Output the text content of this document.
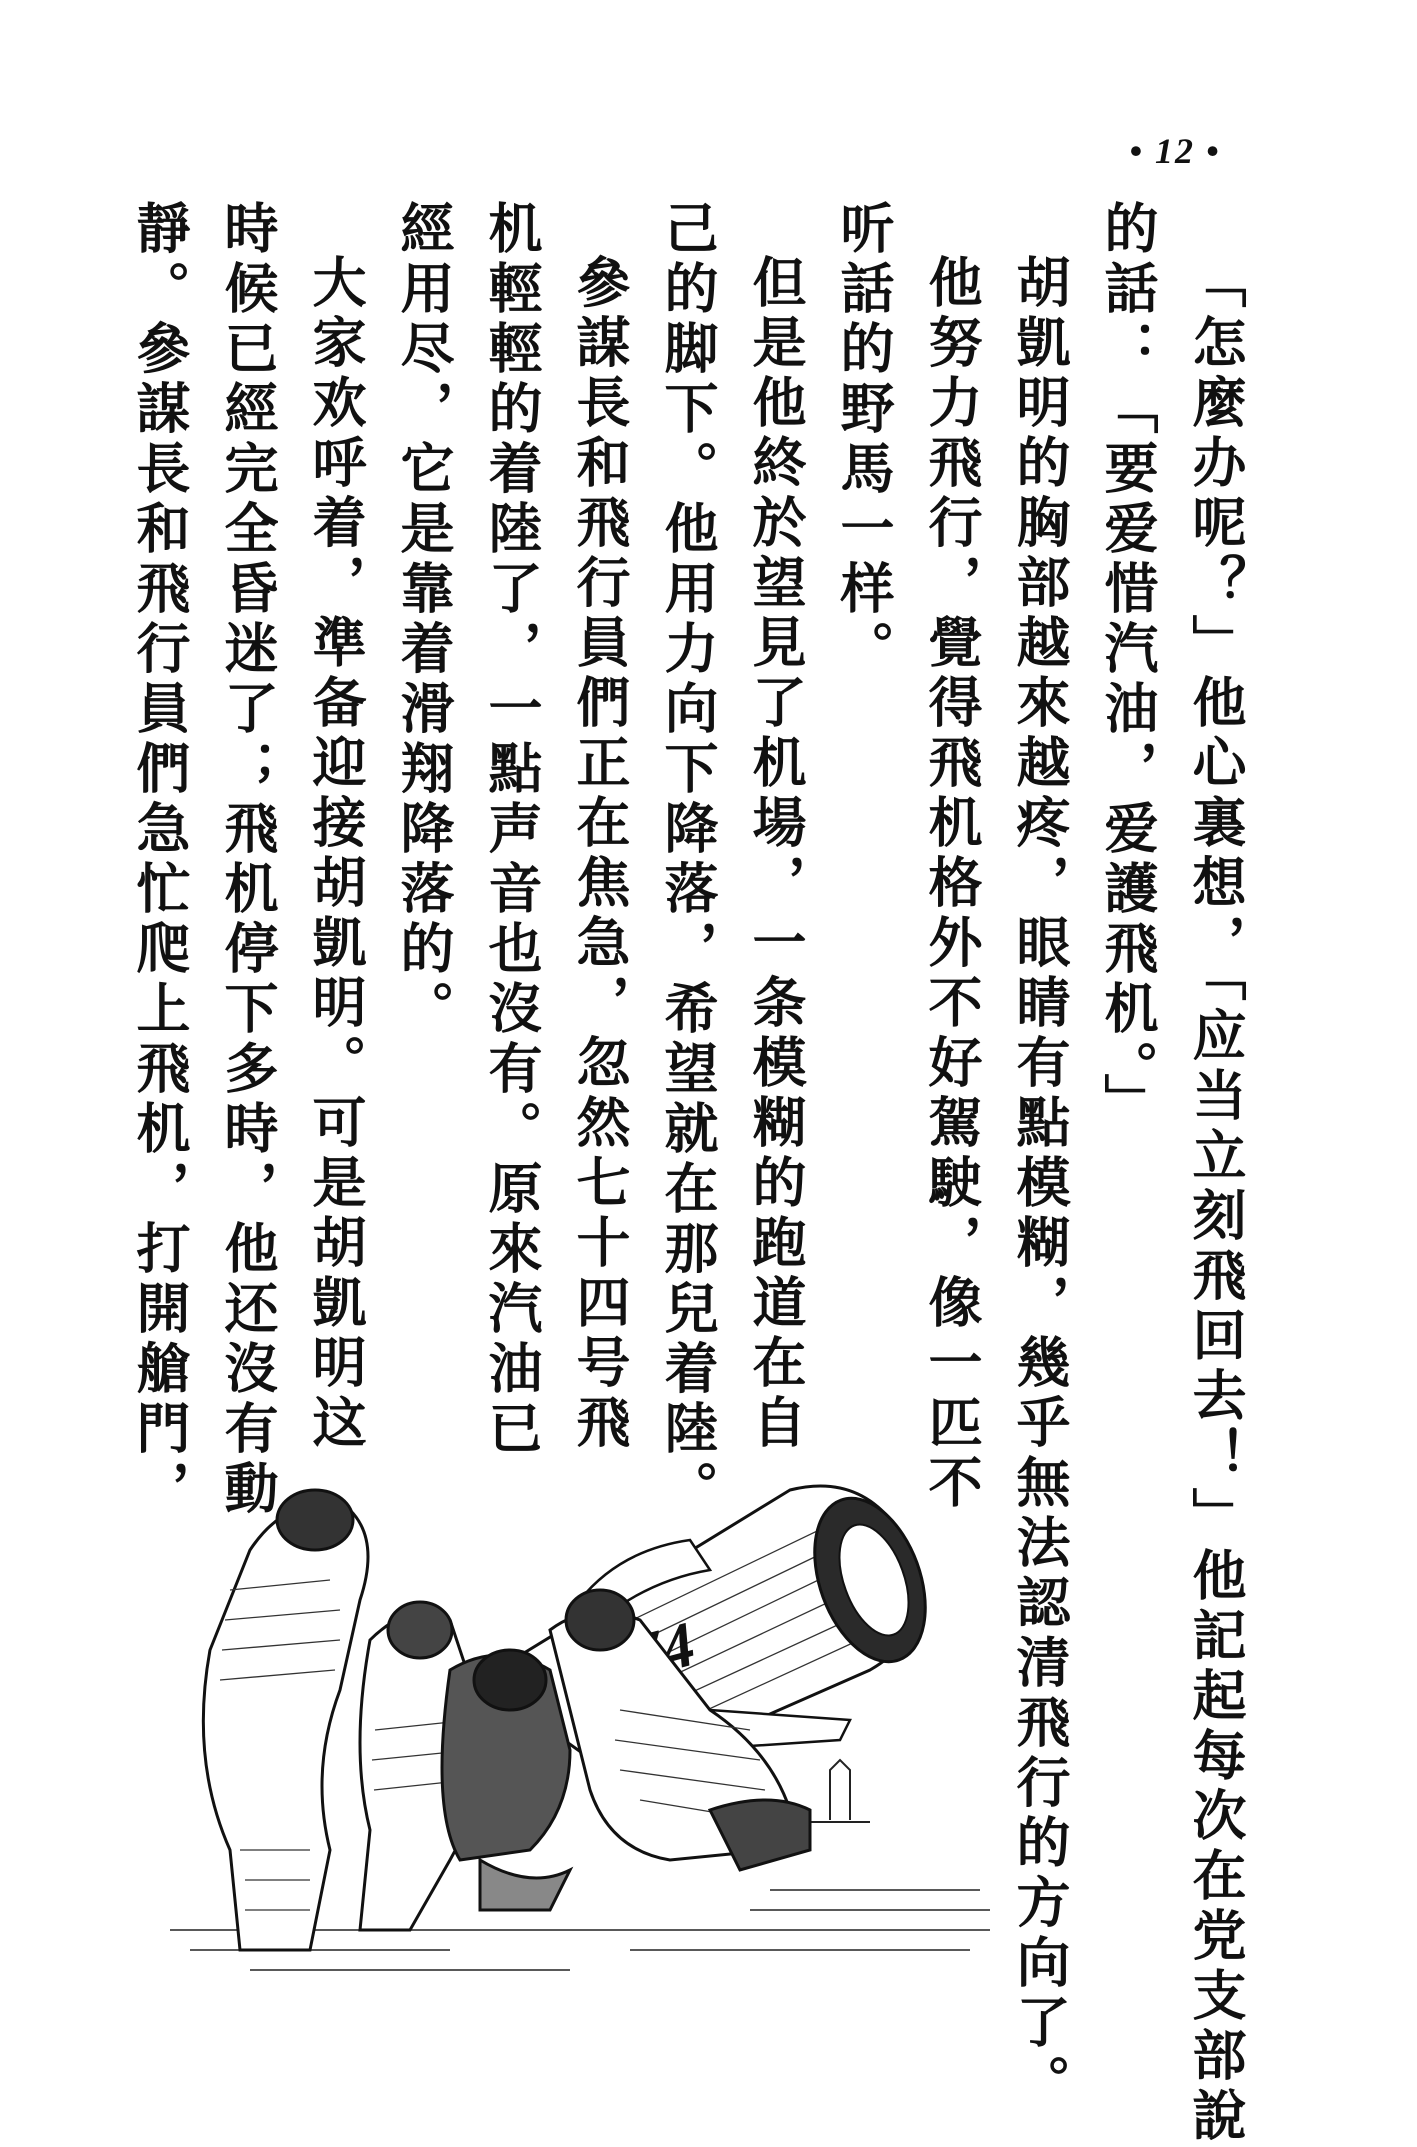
• 12 •
「怎麼办呢？」他心裏想，「应当立刻飛回去！」他記起每次在党支部說
的話：「要爱惜汽油，爱護飛机。」
胡凱明的胸部越來越疼，眼睛有點模糊，幾乎無法認清飛行的方向了。
他努力飛行，覺得飛机格外不好駕駛，像一匹不
听話的野馬一样。
但是他終於望見了机場，一条模糊的跑道在自
己的脚下。他用力向下降落，希望就在那兒着陸。
參謀長和飛行員們正在焦急，忽然七十四号飛
机輕輕的着陸了，一點声音也沒有。原來汽油已
經用尽，它是靠着滑翔降落的。
大家欢呼着，準备迎接胡凱明。可是胡凱明这
時候已經完全昏迷了；飛机停下多時，他还沒有動
靜。參謀長和飛行員們急忙爬上飛机，打開艙門，
